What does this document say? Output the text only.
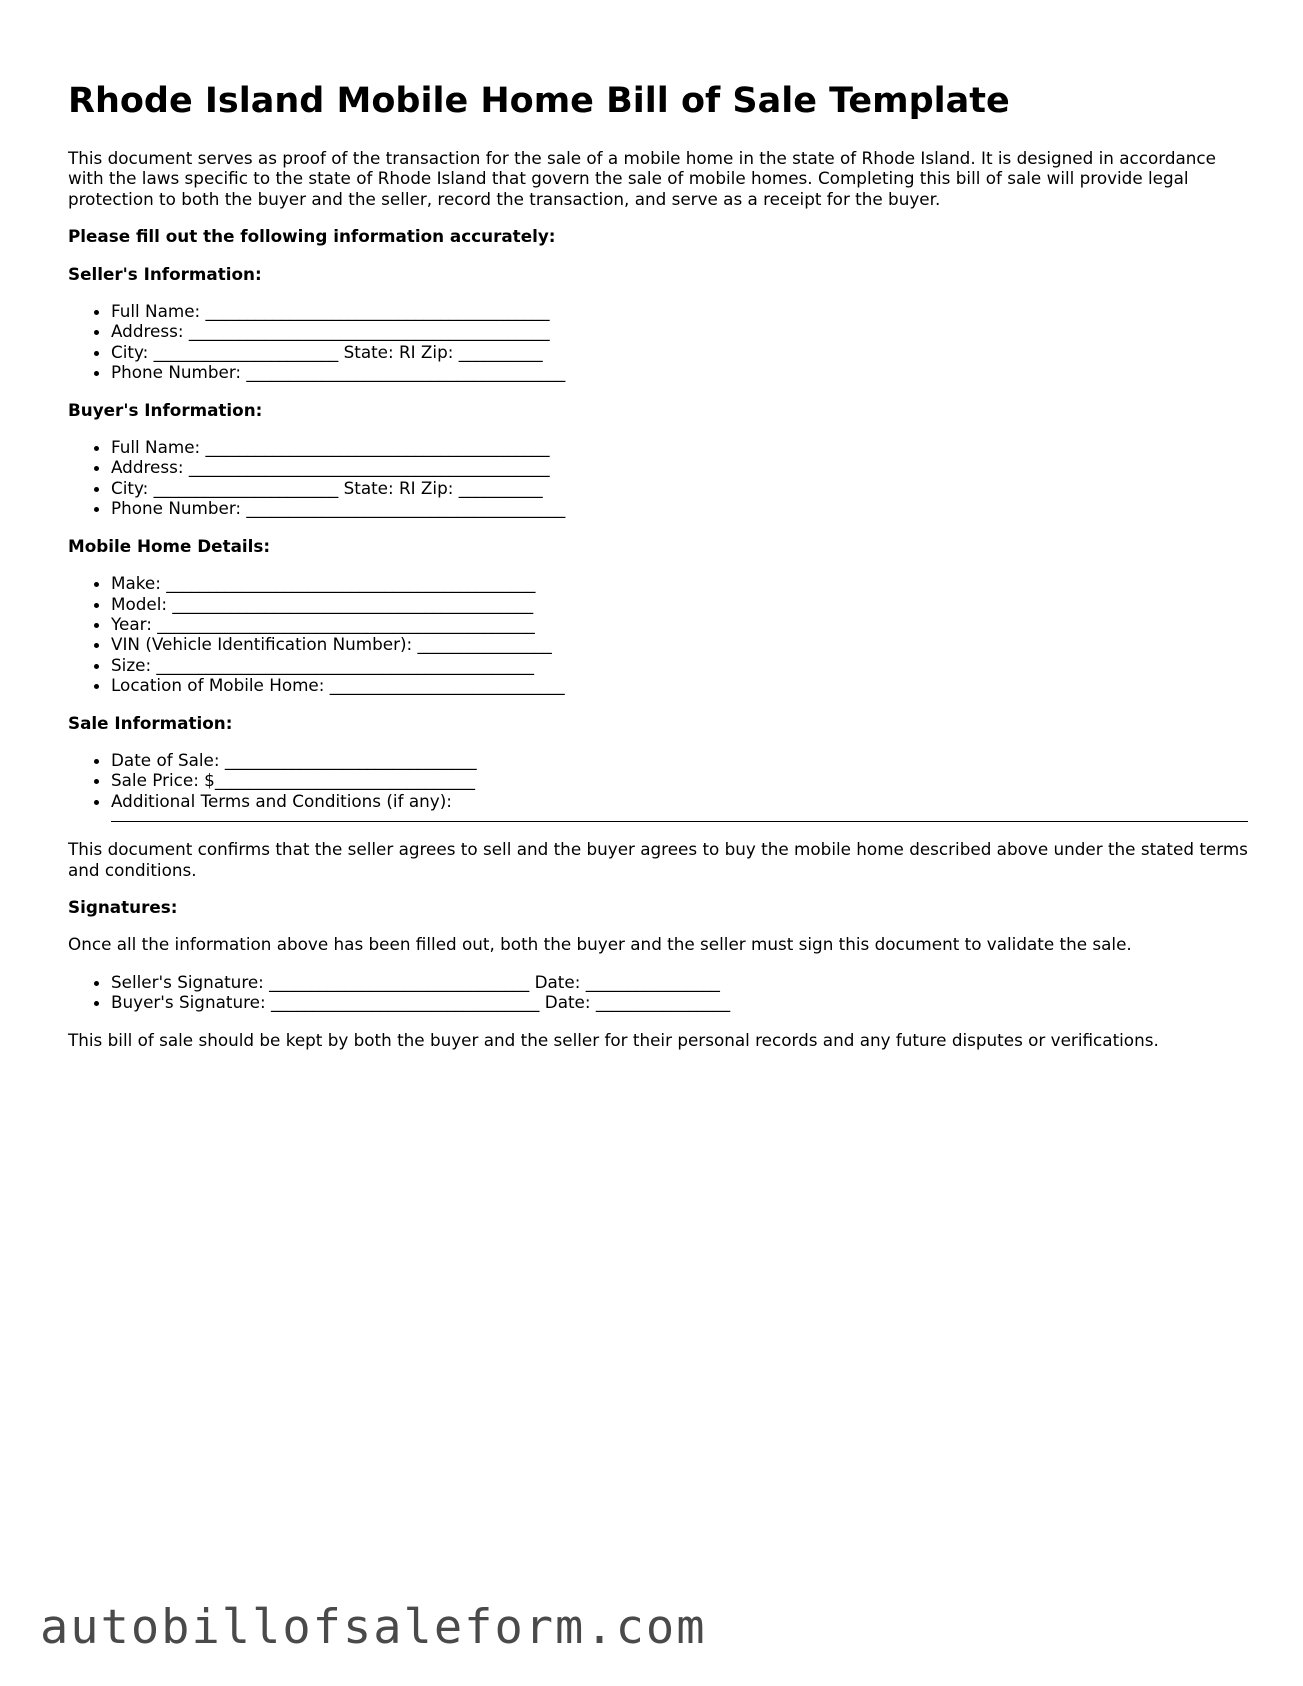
Rhode Island Mobile Home Bill of Sale Template

This document serves as proof of the transaction for the sale of a mobile home in the state of Rhode Island. It is designed in accordance with the laws specific to the state of Rhode Island that govern the sale of mobile homes. Completing this bill of sale will provide legal protection to both the buyer and the seller, record the transaction, and serve as a receipt for the buyer.

Please fill out the following information accurately:
Seller's Information:
• Full Name: _________________________________________
• Address: ___________________________________________
• City: ______________________ State: RI Zip: __________
• Phone Number: ______________________________________
Buyer's Information:
• Full Name: _________________________________________
• Address: ___________________________________________
• City: ______________________ State: RI Zip: __________
• Phone Number: ______________________________________
Mobile Home Details:
• Make: ____________________________________________
• Model: ___________________________________________
• Year: _____________________________________________
• VIN (Vehicle Identification Number): ________________
• Size: _____________________________________________
• Location of Mobile Home: ____________________________
Sale Information:
• Date of Sale: ______________________________
• Sale Price: $_______________________________
• Additional Terms and Conditions (if any):

This document confirms that the seller agrees to sell and the buyer agrees to buy the mobile home described above under the stated terms and conditions.

Signatures:

Once all the information above has been filled out, both the buyer and the seller must sign this document to validate the sale.

• Seller's Signature: _______________________________ Date: ________________
• Buyer's Signature: ________________________________ Date: ________________

This bill of sale should be kept by both the buyer and the seller for their personal records and any future disputes or verifications.

autobillofsaleform.com
